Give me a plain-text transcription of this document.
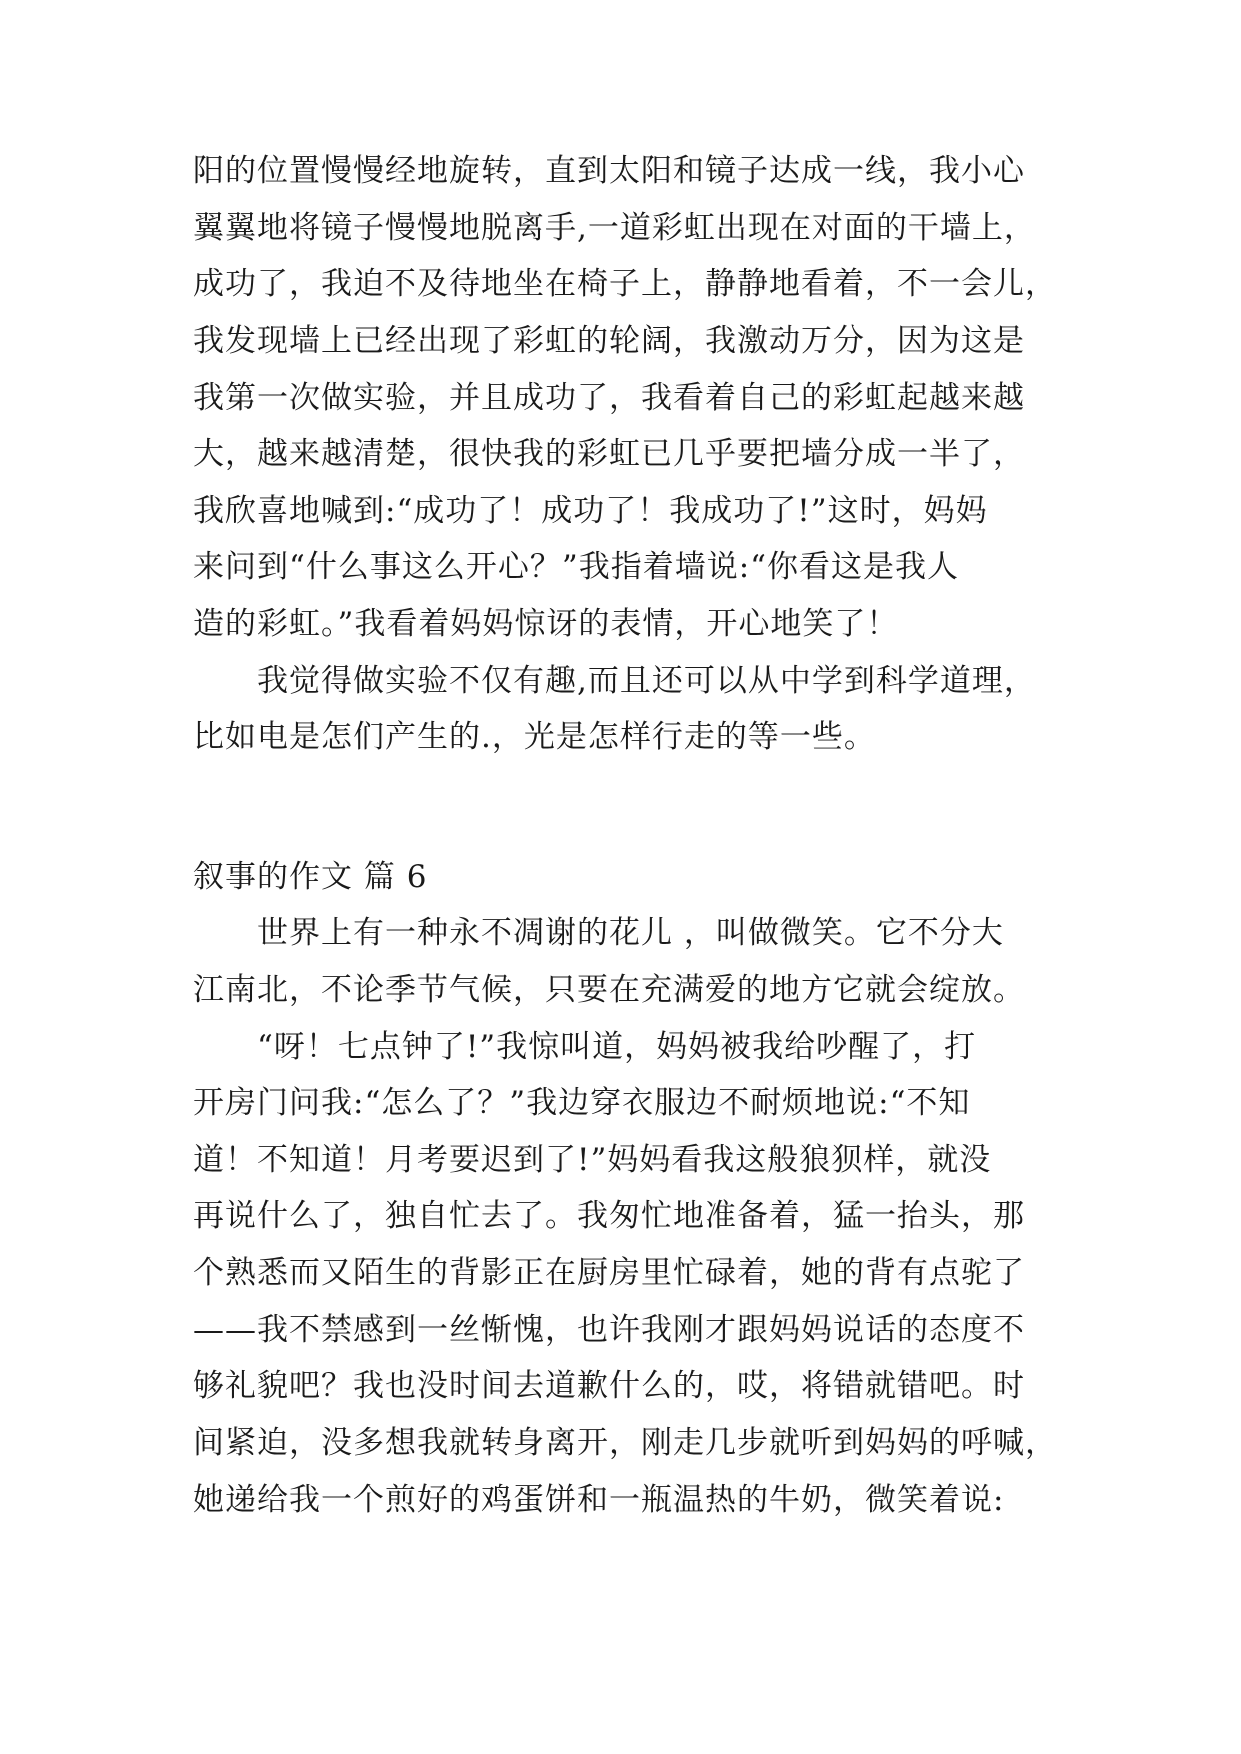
阳的位置慢慢经地旋转，直到太阳和镜子达成一线，我小心

翼翼地将镜子慢慢地脱离手,一道彩虹出现在对面的干墙上，

成功了，我迫不及待地坐在椅子上，静静地看着，不一会儿，

我发现墙上已经出现了彩虹的轮阔，我激动万分，因为这是

我第一次做实验，并且成功了，我看着自己的彩虹起越来越

大，越来越清楚，很快我的彩虹已几乎要把墙分成一半了，

我欣喜地喊到:“成功了！成功了！我成功了!”这时，妈妈

来问到“什么事这么开心？”我指着墙说:“你看这是我人

造的彩虹。”我看着妈妈惊讶的表情，开心地笑了！

我觉得做实验不仅有趣,而且还可以从中学到科学道理，

比如电是怎们产生的.，光是怎样行走的等一些。

叙事的作文 篇 6

世界上有一种永不凋谢的花儿 ，叫做微笑。它不分大

江南北，不论季节气候，只要在充满爱的地方它就会绽放。

“呀！七点钟了!”我惊叫道，妈妈被我给吵醒了，打

开房门问我:“怎么了？”我边穿衣服边不耐烦地说:“不知

道！不知道！月考要迟到了!”妈妈看我这般狼狈样，就没

再说什么了，独自忙去了。我匆忙地准备着，猛一抬头，那

个熟悉而又陌生的背影正在厨房里忙碌着，她的背有点驼了

——我不禁感到一丝惭愧，也许我刚才跟妈妈说话的态度不

够礼貌吧？我也没时间去道歉什么的，哎，将错就错吧。时

间紧迫，没多想我就转身离开，刚走几步就听到妈妈的呼喊，

她递给我一个煎好的鸡蛋饼和一瓶温热的牛奶，微笑着说:
